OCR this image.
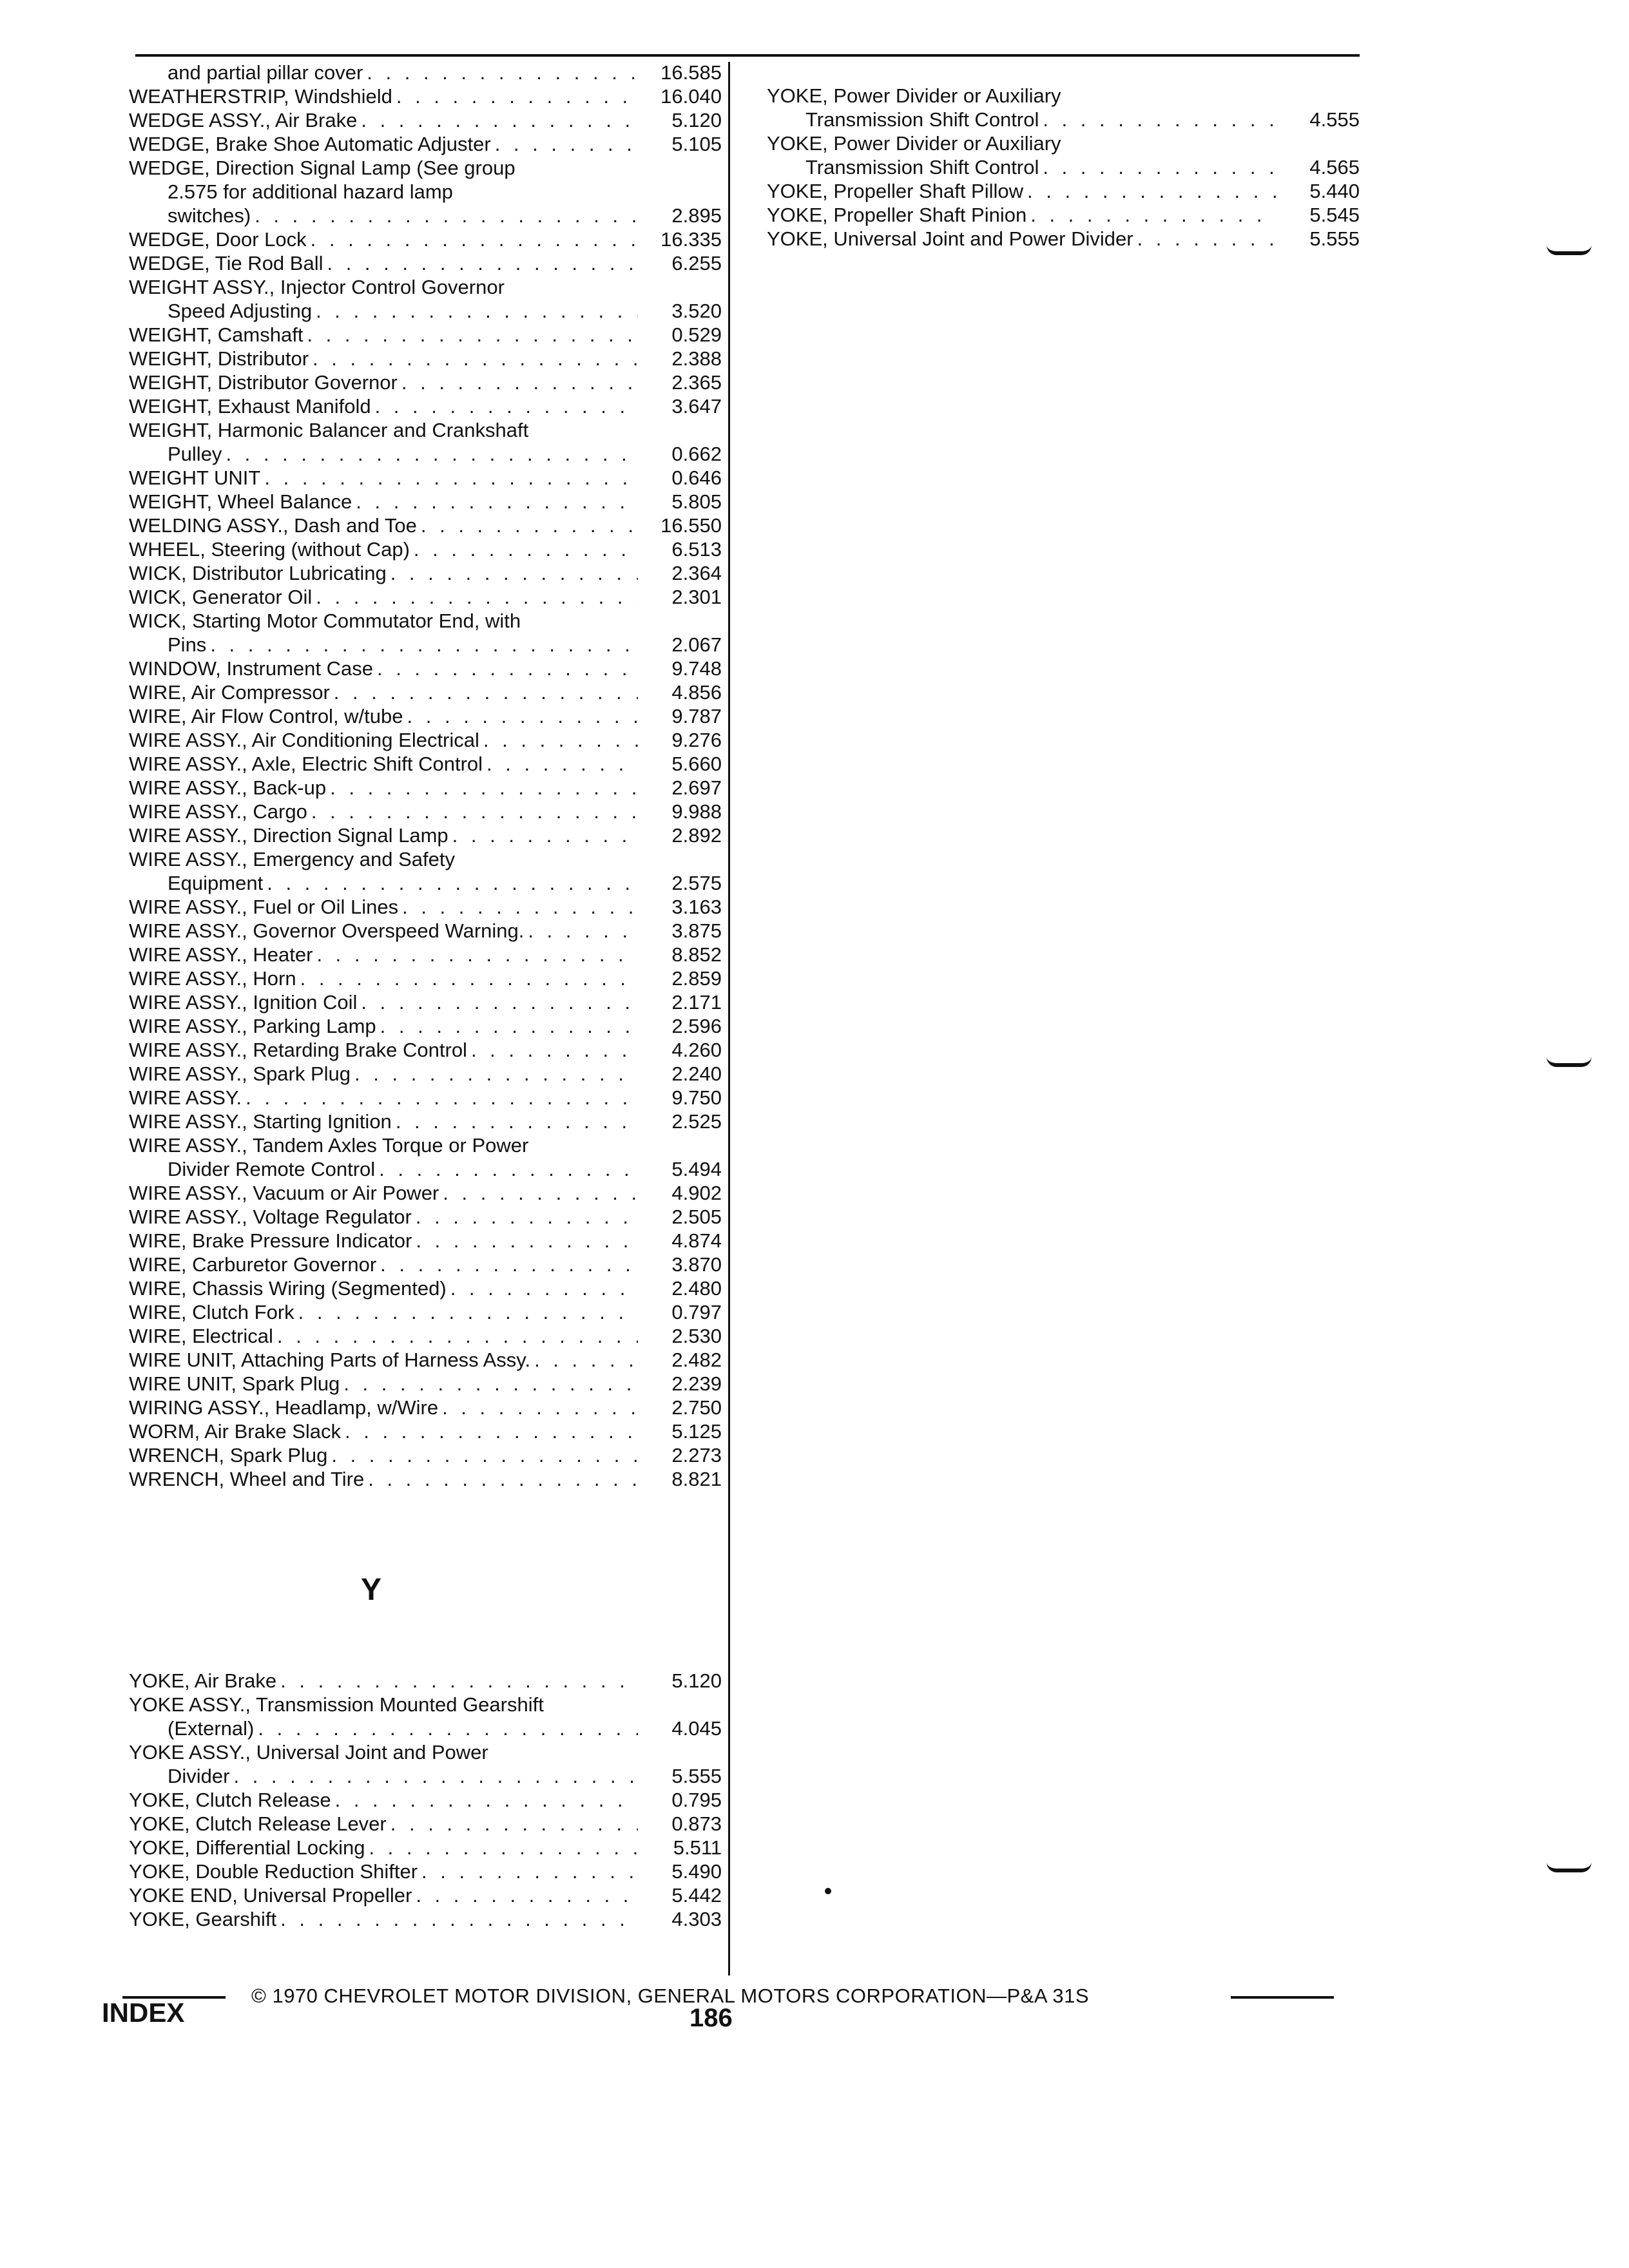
and partial pillar cover . . .	16.585
WEATHERSTRIP, Windshield . . .	16.040
WEDGE ASSY., Air Brake . . .	5.120
WEDGE, Brake Shoe Automatic Adjuster . . .	5.105
WEDGE, Direction Signal Lamp (See group
2.575 for additional hazard lamp
switches) . . .	2.895
WEDGE, Door Lock . . .	16.335
WEDGE, Tie Rod Ball . . .	6.255
WEIGHT ASSY., Injector Control Governor
Speed Adjusting . . .	3.520
WEIGHT, Camshaft . . .	0.529
WEIGHT, Distributor . . .	2.388
WEIGHT, Distributor Governor . . .	2.365
WEIGHT, Exhaust Manifold . . .	3.647
WEIGHT, Harmonic Balancer and Crankshaft
Pulley . . .	0.662
WEIGHT UNIT . . .	0.646
WEIGHT, Wheel Balance . . .	5.805
WELDING ASSY., Dash and Toe . . .	16.550
WHEEL, Steering (without Cap) . . .	6.513
WICK, Distributor Lubricating . . .	2.364
WICK, Generator Oil . . .	2.301
WICK, Starting Motor Commutator End, with
Pins . . .	2.067
WINDOW, Instrument Case . . .	9.748
WIRE, Air Compressor . . .	4.856
WIRE, Air Flow Control, w/tube . . .	9.787
WIRE ASSY., Air Conditioning Electrical . . .	9.276
WIRE ASSY., Axle, Electric Shift Control . . .	5.660
WIRE ASSY., Back-up . . .	2.697
WIRE ASSY., Cargo . . .	9.988
WIRE ASSY., Direction Signal Lamp . . .	2.892
WIRE ASSY., Emergency and Safety
Equipment . . .	2.575
WIRE ASSY., Fuel or Oil Lines . . .	3.163
WIRE ASSY., Governor Overspeed Warning. . . .	3.875
WIRE ASSY., Heater . . .	8.852
WIRE ASSY., Horn . . .	2.859
WIRE ASSY., Ignition Coil . . .	2.171
WIRE ASSY., Parking Lamp . . .	2.596
WIRE ASSY., Retarding Brake Control . . .	4.260
WIRE ASSY., Spark Plug . . .	2.240
WIRE ASSY. . . .	9.750
WIRE ASSY., Starting Ignition . . .	2.525
WIRE ASSY., Tandem Axles Torque or Power
Divider Remote Control . . .	5.494
WIRE ASSY., Vacuum or Air Power . . .	4.902
WIRE ASSY., Voltage Regulator . . .	2.505
WIRE, Brake Pressure Indicator . . .	4.874
WIRE, Carburetor Governor . . .	3.870
WIRE, Chassis Wiring (Segmented) . . .	2.480
WIRE, Clutch Fork . . .	0.797
WIRE, Electrical . . .	2.530
WIRE UNIT, Attaching Parts of Harness Assy. . . .	2.482
WIRE UNIT, Spark Plug . . .	2.239
WIRING ASSY., Headlamp, w/Wire . . .	2.750
WORM, Air Brake Slack . . .	5.125
WRENCH, Spark Plug . . .	2.273
WRENCH, Wheel and Tire . . .	8.821
Y
YOKE, Air Brake . . .	5.120
YOKE ASSY., Transmission Mounted Gearshift
(External) . . .	4.045
YOKE ASSY., Universal Joint and Power
Divider . . .	5.555
YOKE, Clutch Release . . .	0.795
YOKE, Clutch Release Lever . . .	0.873
YOKE, Differential Locking . . .	5.511
YOKE, Double Reduction Shifter . . .	5.490
YOKE END, Universal Propeller . . .	5.442
YOKE, Gearshift . . .	4.303
YOKE, Power Divider or Auxiliary
Transmission Shift Control . . .	4.555
YOKE, Power Divider or Auxiliary
Transmission Shift Control . . .	4.565
YOKE, Propeller Shaft Pillow . . .	5.440
YOKE, Propeller Shaft Pinion . . .	5.545
YOKE, Universal Joint and Power Divider . . .	5.555
INDEX
© 1970 CHEVROLET MOTOR DIVISION, GENERAL MOTORS CORPORATION—P&A 31S
186
